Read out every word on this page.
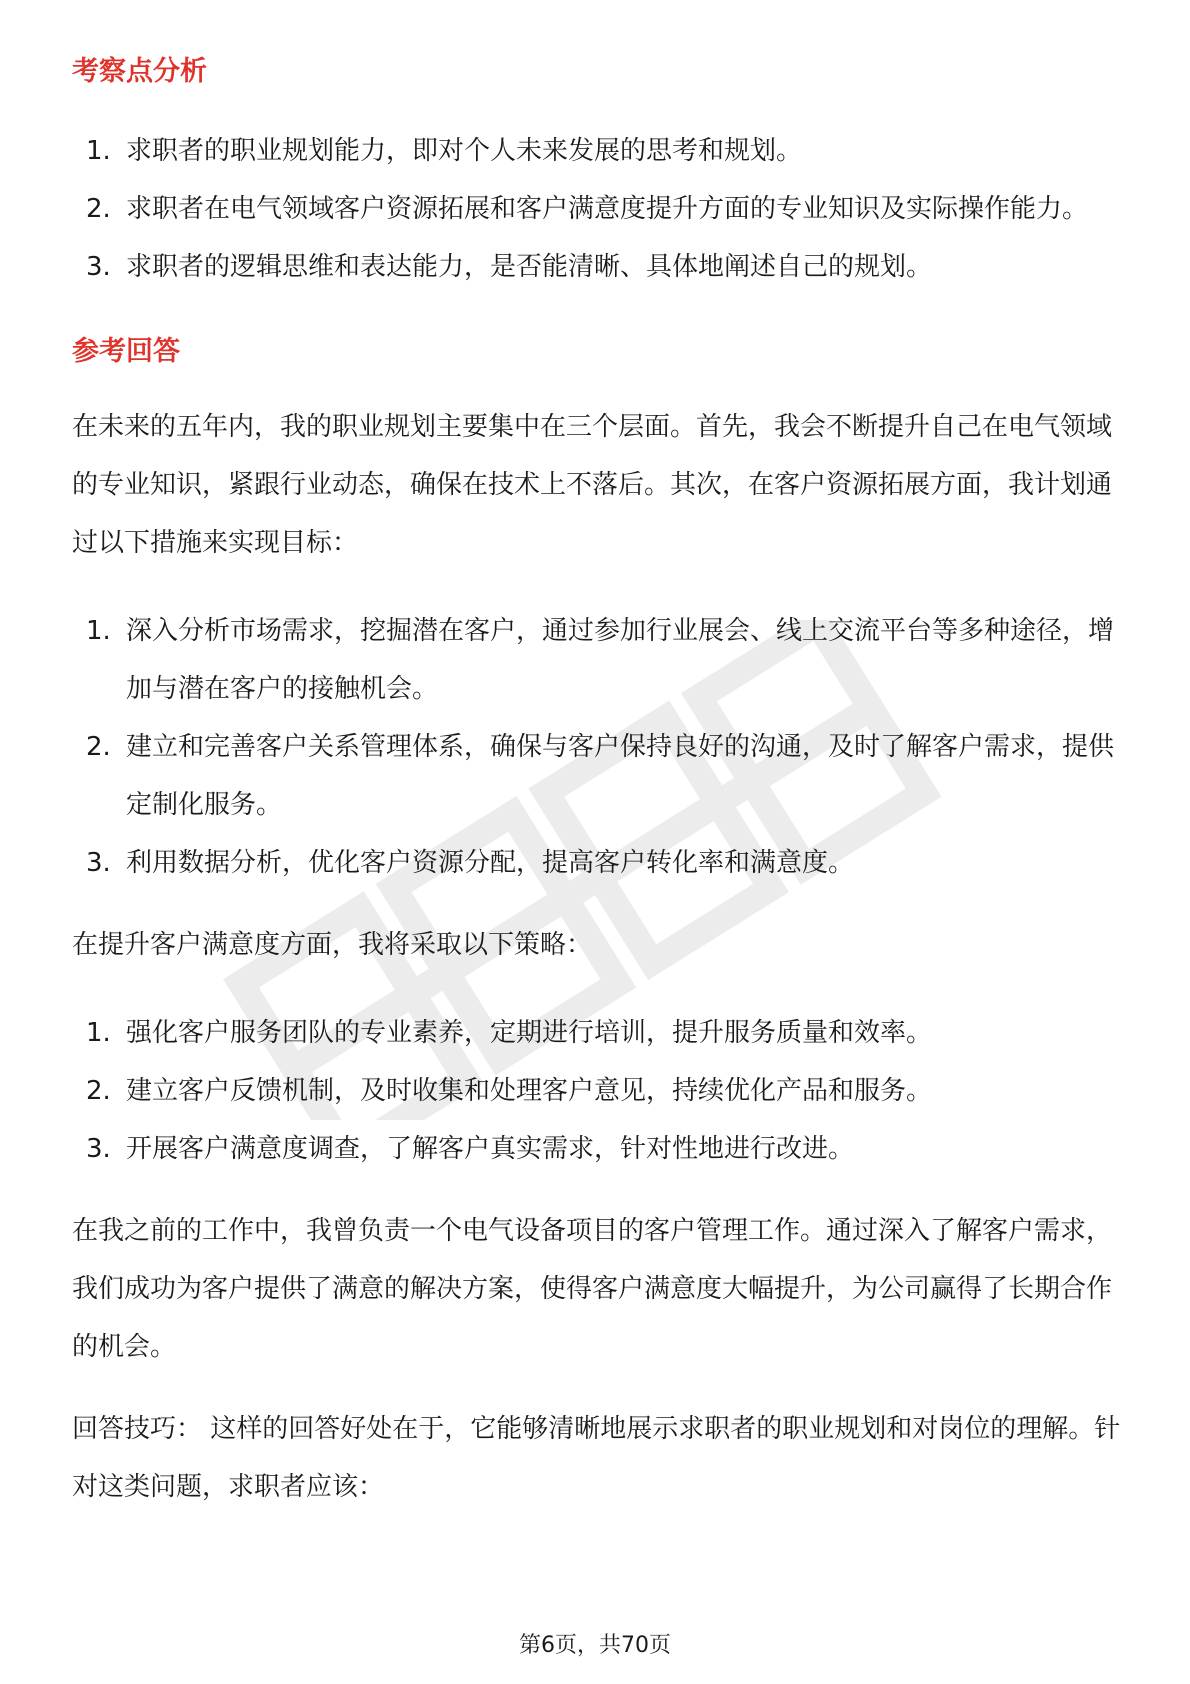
考察点分析
1. 求职者的职业规划能力，即对个人未来发展的思考和规划。
2. 求职者在电气领域客户资源拓展和客户满意度提升方面的专业知识及实际操作能力。
3. 求职者的逻辑思维和表达能力，是否能清晰、具体地阐述自己的规划。
参考回答

在未来的五年内，我的职业规划主要集中在三个层面。首先，我会不断提升自己在电气领域的专业知识，紧跟行业动态，确保在技术上不落后。其次，在客户资源拓展方面，我计划通过以下措施来实现目标：

1. 深入分析市场需求，挖掘潜在客户，通过参加行业展会、线上交流平台等多种途径，增加与潜在客户的接触机会。
2. 建立和完善客户关系管理体系，确保与客户保持良好的沟通，及时了解客户需求，提供定制化服务。
3. 利用数据分析，优化客户资源分配，提高客户转化率和满意度。

在提升客户满意度方面，我将采取以下策略：

1. 强化客户服务团队的专业素养，定期进行培训，提升服务质量和效率。
2. 建立客户反馈机制，及时收集和处理客户意见，持续优化产品和服务。
3. 开展客户满意度调查，了解客户真实需求，针对性地进行改进。

在我之前的工作中，我曾负责一个电气设备项目的客户管理工作。通过深入了解客户需求，我们成功为客户提供了满意的解决方案，使得客户满意度大幅提升，为公司赢得了长期合作的机会。

回答技巧： 这样的回答好处在于，它能够清晰地展示求职者的职业规划和对岗位的理解。针对这类问题，求职者应该：

第6页，共70页
